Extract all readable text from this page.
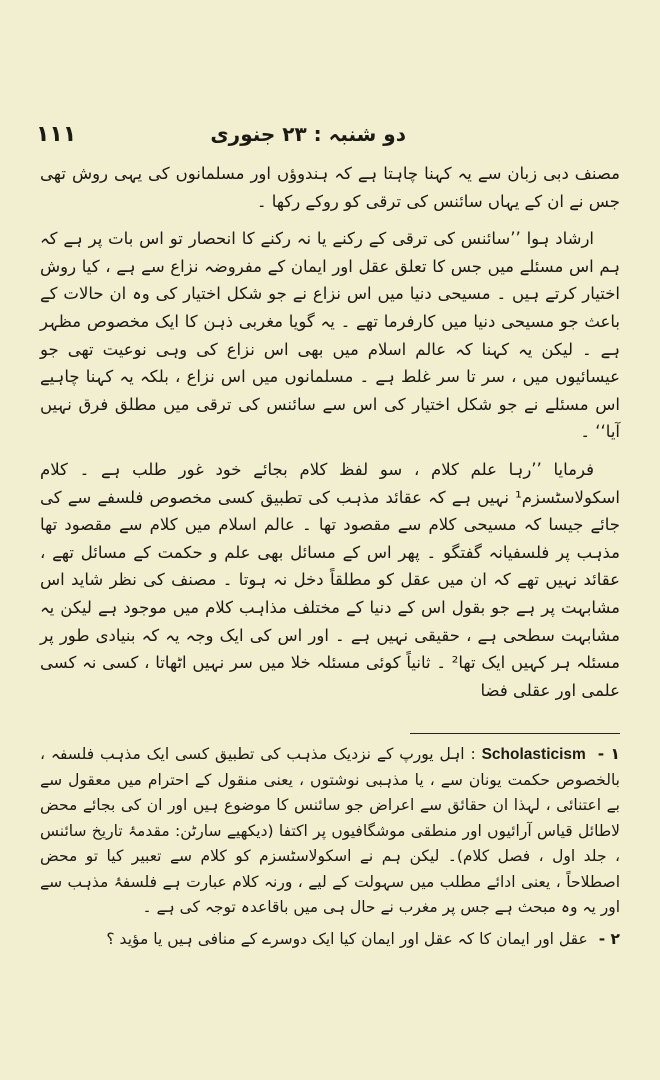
١١١	دو شنبہ : ٢٣ جنوری

مصنف دبی زبان سے یہ کہنا چاہتا ہے کہ ہندوؤں اور مسلمانوں کی یہی روش تھی جس نے ان کے یہاں سائنس کی ترقی کو روکے رکھا ۔

ارشاد ہوا ’’سائنس کی ترقی کے رکنے یا نہ رکنے کا انحصار تو اس بات پر ہے کہ ہم اس مسئلے میں جس کا تعلق عقل اور ایمان کے مفروضہ نزاع سے ہے ، کیا روش اختیار کرتے ہیں ۔ مسیحی دنیا میں اس نزاع نے جو شکل اختیار کی وہ ان حالات کے باعث جو مسیحی دنیا میں کارفرما تھے ۔ یہ گویا مغربی ذہن کا ایک مخصوص مظہر ہے ۔ لیکن یہ کہنا کہ عالم اسلام میں بھی اس نزاع کی وہی نوعیت تھی جو عیسائیوں میں ، سر تا سر غلط ہے ۔ مسلمانوں میں اس نزاع ، بلکہ یہ کہنا چاہیے اس مسئلے نے جو شکل اختیار کی اس سے سائنس کی ترقی میں مطلق فرق نہیں آیا‘‘ ۔

فرمایا ’’رہا علم کلام ، سو لفظ کلام بجائے خود غور طلب ہے ۔ کلام اسکولاسٹسزم¹ نہیں ہے کہ عقائد مذہب کی تطبیق کسی مخصوص فلسفے سے کی جائے جیسا کہ مسیحی کلام سے مقصود تھا ۔ عالم اسلام میں کلام سے مقصود تھا مذہب پر فلسفیانہ گفتگو ۔ پھر اس کے مسائل بھی علم و حکمت کے مسائل تھے ، عقائد نہیں تھے کہ ان میں عقل کو مطلقاً دخل نہ ہوتا ۔ مصنف کی نظر شاید اس مشابہت پر ہے جو بقول اس کے دنیا کے مختلف مذاہب کلام میں موجود ہے لیکن یہ مشابہت سطحی ہے ، حقیقی نہیں ہے ۔ اور اس کی ایک وجہ یہ کہ بنیادی طور پر مسئلہ ہر کہیں ایک تھا² ۔ ثانیاً کوئی مسئلہ خلا میں سر نہیں اٹھاتا ، کسی نہ کسی علمی اور عقلی فضا

١ - Scholasticism : اہل یورپ کے نزدیک مذہب کی تطبیق کسی ایک مذہب فلسفہ ، بالخصوص حکمت یونان سے ، یا مذہبی نوشتوں ، یعنی منقول کے احترام میں معقول سے بے اعتنائی ، لہذا ان حقائق سے اعراض جو سائنس کا موضوع ہیں اور ان کی بجائے محض لاطائل قیاس آرائیوں اور منطقی موشگافیوں پر اکتفا (دیکھیے سارٹن: مقدمۂ تاریخ سائنس ، جلد اول ، فصل کلام)۔ لیکن ہم نے اسکولاسٹسزم کو کلام سے تعبیر کیا تو محض اصطلاحاً ، یعنی ادائے مطلب میں سہولت کے لیے ، ورنہ کلام عبارت ہے فلسفۂ مذہب سے اور یہ وہ مبحث ہے جس پر مغرب نے حال ہی میں باقاعدہ توجہ کی ہے ۔

٢ - عقل اور ایمان کا کہ عقل اور ایمان کیا ایک دوسرے کے منافی ہیں یا مؤید ؟
